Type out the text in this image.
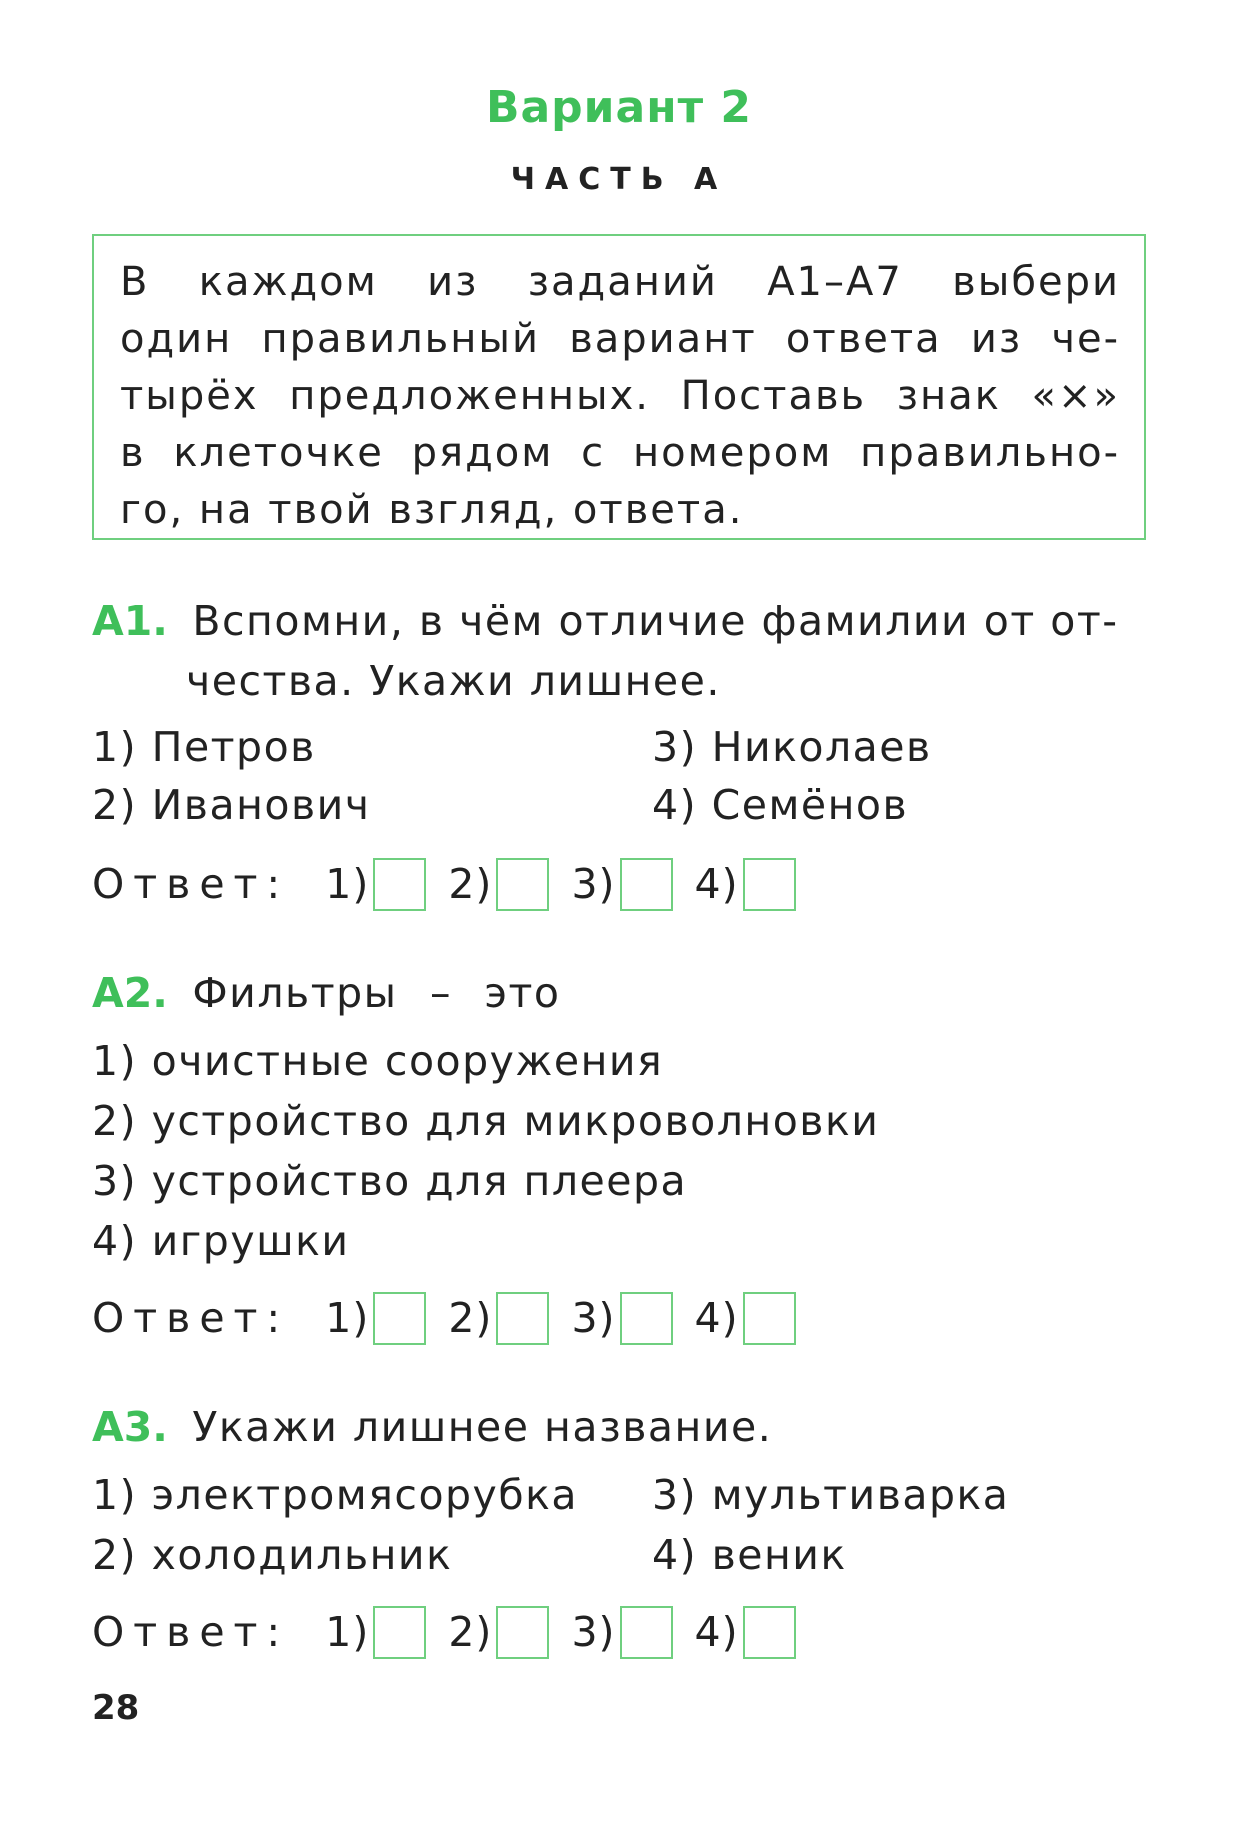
Вариант 2
ЧАСТЬ А
В каждом из заданий А1–А7 выбери
один правильный вариант ответа из че-
тырёх предложенных. Поставь знак «×»
в клеточке рядом с номером правильно-
го, на твой взгляд, ответа.
А1. Вспомни, в чём отличие фамилии от от-
чества. Укажи лишнее.
1) Петров
2) Иванович
3) Николаев
4) Семёнов
Ответ: 1) 2) 3) 4)
А2. Фильтры – это
1) очистные сооружения
2) устройство для микроволновки
3) устройство для плеера
4) игрушки
Ответ: 1) 2) 3) 4)
А3. Укажи лишнее название.
1) электромясорубка
2) холодильник
3) мультиварка
4) веник
Ответ: 1) 2) 3) 4)
28
